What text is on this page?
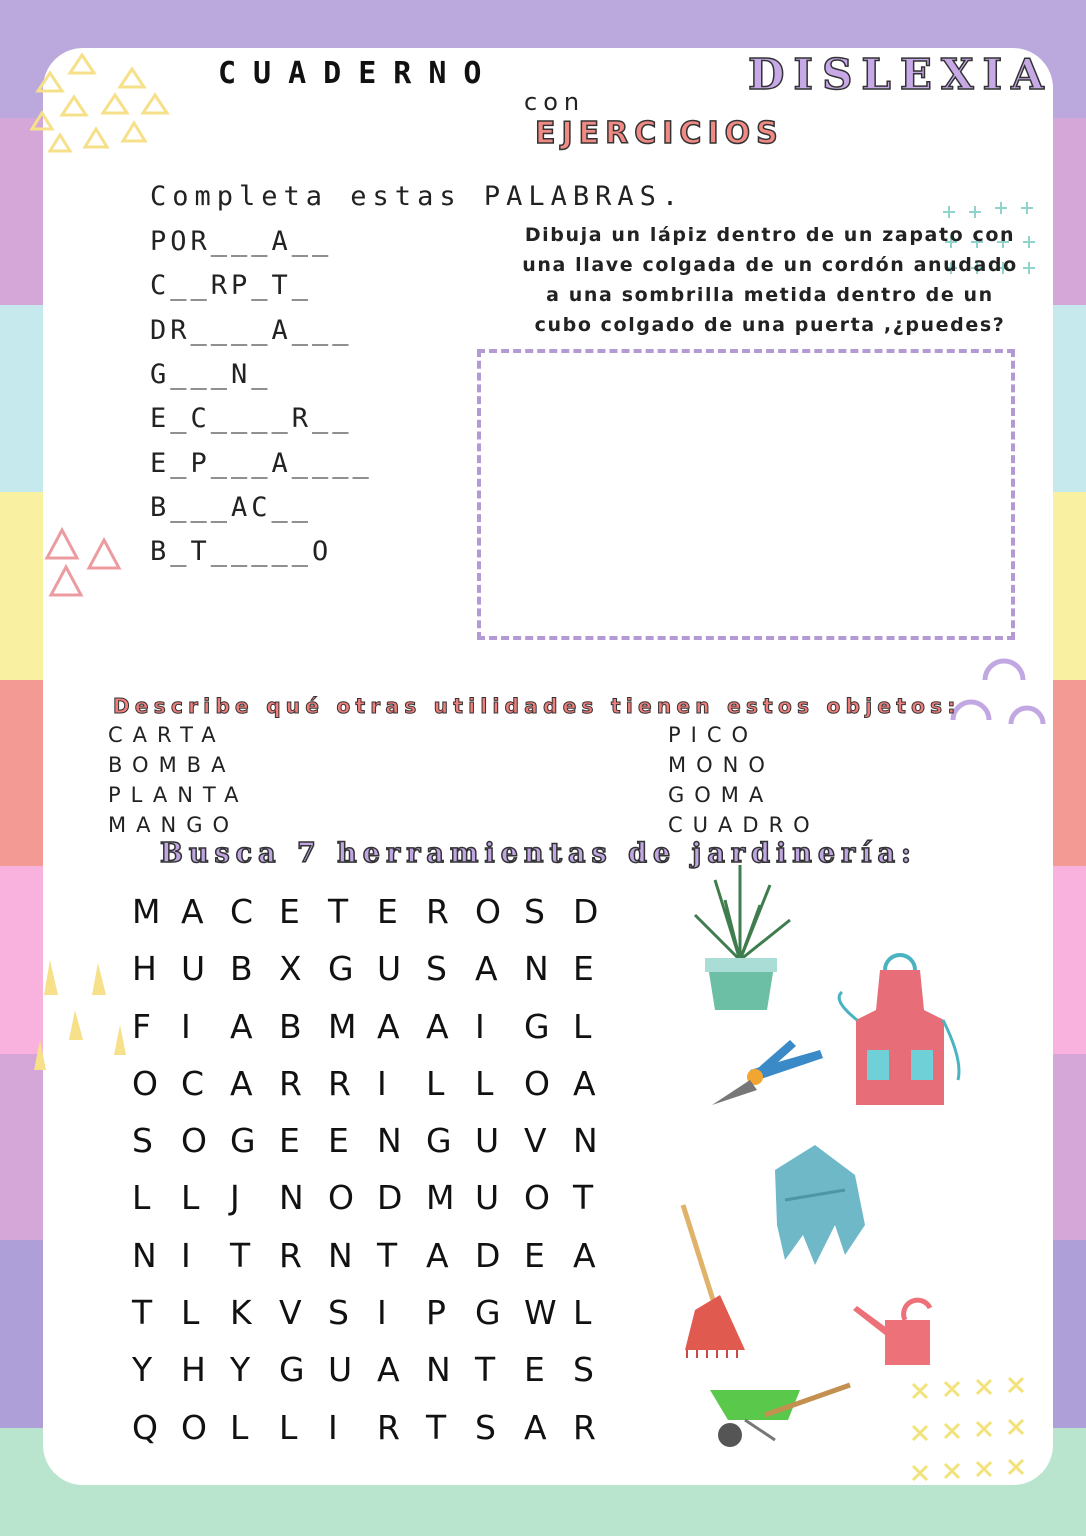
CUADERNO
con
EJERCICIOS
DISLEXIA
Completa estas PALABRAS.
POR___A__
C__RP_T_
DR____A___
G___N_
E_C____R__
E_P___A____
B___AC__
B_T_____O
Dibuja un lápiz dentro de un zapato con
una llave colgada de un cordón anudado
a una sombrilla metida dentro de un
cubo colgado de una puerta ,¿puedes?
Describe qué otras utilidades tienen estos objetos:
CARTA
BOMBA
PLANTA
MANGO
PICO
MONO
GOMA
CUADRO
Busca 7 herramientas de jardinería:
M A C E T E R O S D
H U B X G U S A N E
F I	A B M A A I	G L
O C A R R I	L L O A
S O G E E N G U V N
L L J	N O D M U O T
N I	T R N T A D E A
T L K V S I	P G W L
Y H Y G U A N T E S
Q O L L I	R T S A R
